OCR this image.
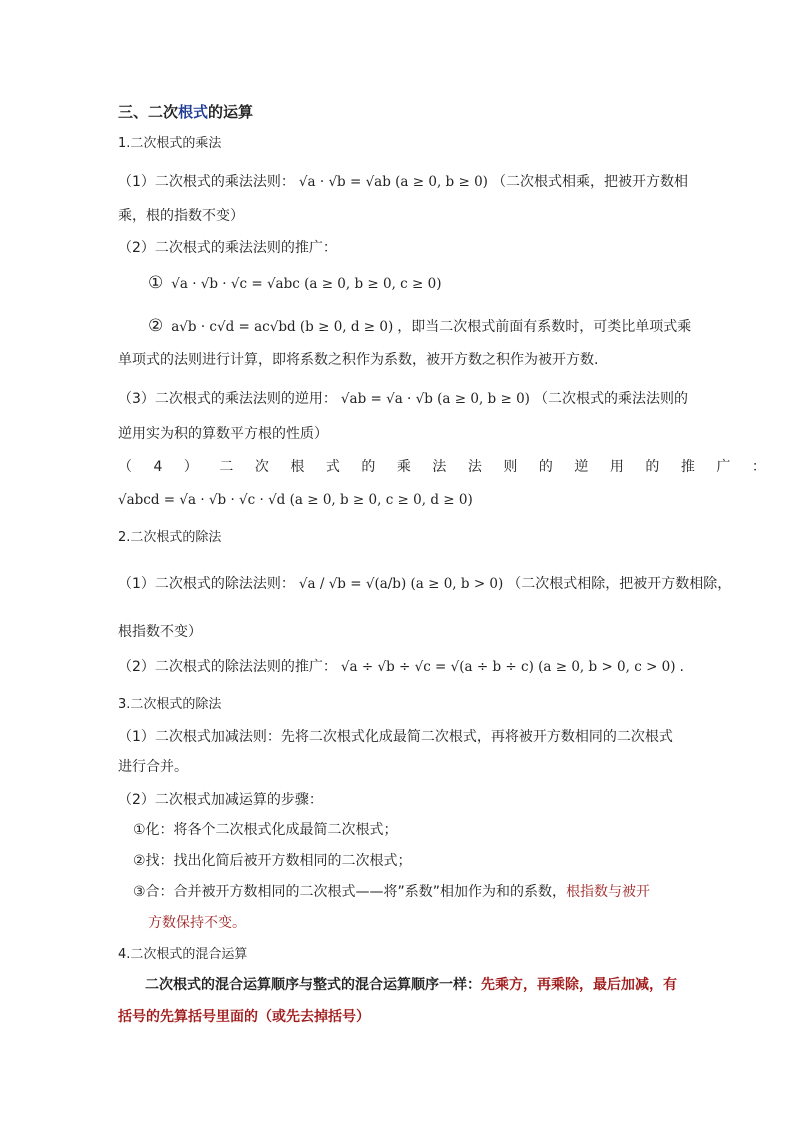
三、二次根式的运算
1.二次根式的乘法
（1）二次根式的乘法法则： √a · √b = √ab (a ≥ 0, b ≥ 0) （二次根式相乘，把被开方数相
乘，根的指数不变）
（2）二次根式的乘法法则的推广：
① √a · √b · √c = √abc (a ≥ 0, b ≥ 0, c ≥ 0)
② a√b · c√d = ac√bd (b ≥ 0, d ≥ 0) ，即当二次根式前面有系数时，可类比单项式乘
单项式的法则进行计算，即将系数之积作为系数，被开方数之积作为被开方数.
（3）二次根式的乘法法则的逆用： √ab = √a · √b (a ≥ 0, b ≥ 0) （二次根式的乘法法则的
逆用实为积的算数平方根的性质）
（4）二次根式的乘法法则的逆用的推广：
√abcd = √a · √b · √c · √d (a ≥ 0, b ≥ 0, c ≥ 0, d ≥ 0)
2.二次根式的除法
（1）二次根式的除法法则： √a / √b = √(a/b) (a ≥ 0, b > 0) （二次根式相除，把被开方数相除，
根指数不变）
（2）二次根式的除法法则的推广： √a ÷ √b ÷ √c = √(a ÷ b ÷ c) (a ≥ 0, b > 0, c > 0) .
3.二次根式的除法
（1）二次根式加减法则：先将二次根式化成最简二次根式，再将被开方数相同的二次根式
进行合并。
（2）二次根式加减运算的步骤：
①化：将各个二次根式化成最简二次根式；
②找：找出化简后被开方数相同的二次根式；
③合：合并被开方数相同的二次根式——将”系数”相加作为和的系数，根指数与被开
方数保持不变。
4.二次根式的混合运算
二次根式的混合运算顺序与整式的混合运算顺序一样：先乘方，再乘除，最后加减，有
括号的先算括号里面的（或先去掉括号）
